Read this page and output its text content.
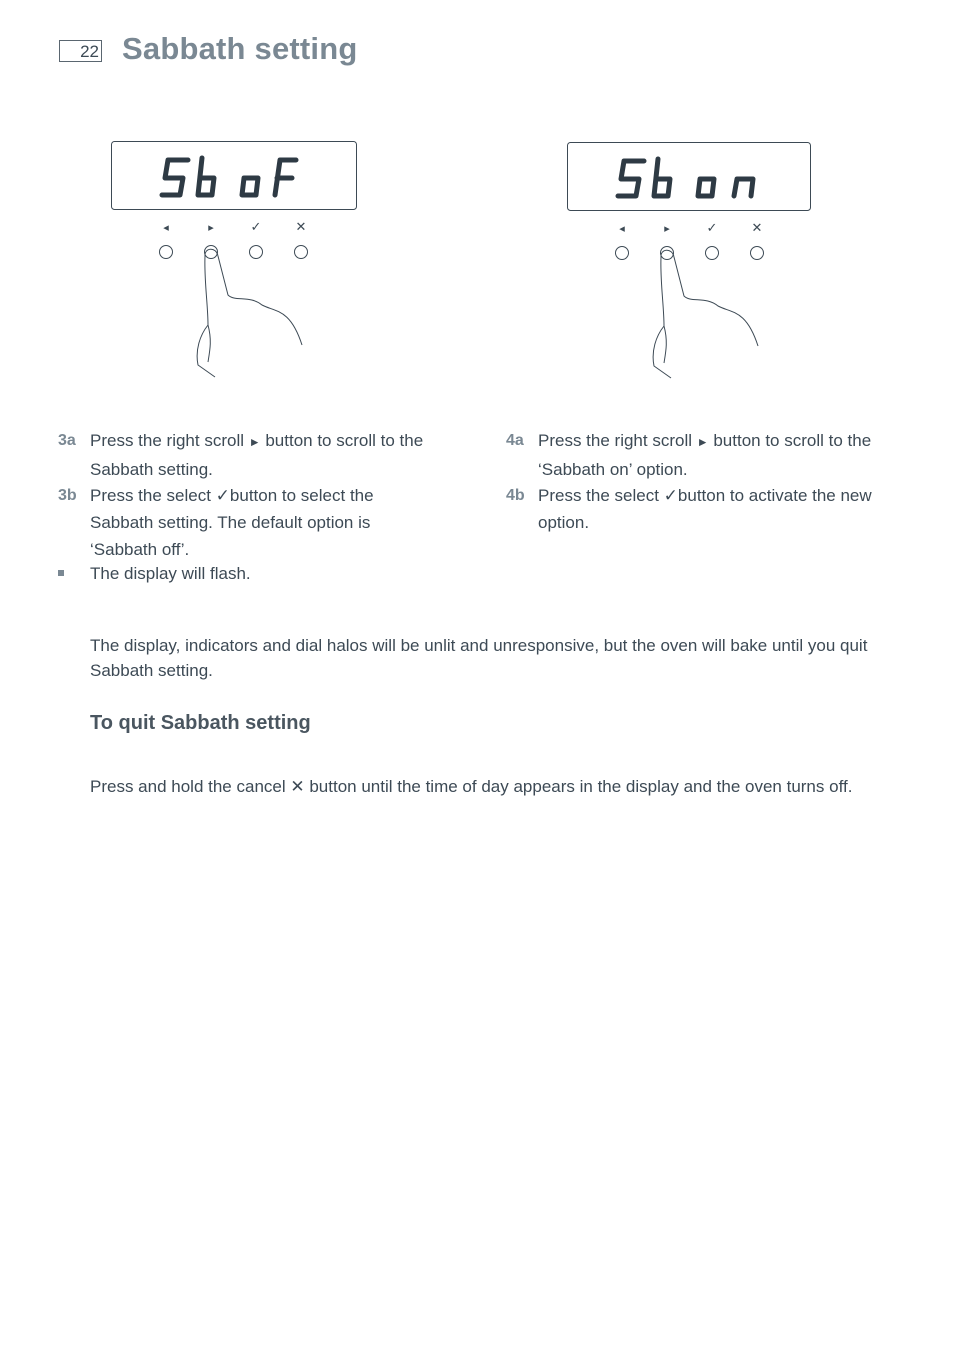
22 Sabbath setting
◂	▸	✓	✕	◂	▸	✓	✕
3a Press the right scroll ► button to scroll to the Sabbath setting.
3b Press the select ✓button to select the Sabbath setting. The default option is ‘Sabbath off’.
The display will flash.
4a Press the right scroll ► button to scroll to the ‘Sabbath on’ option.
4b Press the select ✓button to activate the new option.
The display, indicators and dial halos will be unlit and unresponsive, but the oven will bake until you quit Sabbath setting.
To quit Sabbath setting
Press and hold the cancel ✕ button until the time of day appears in the display and the oven turns off.
